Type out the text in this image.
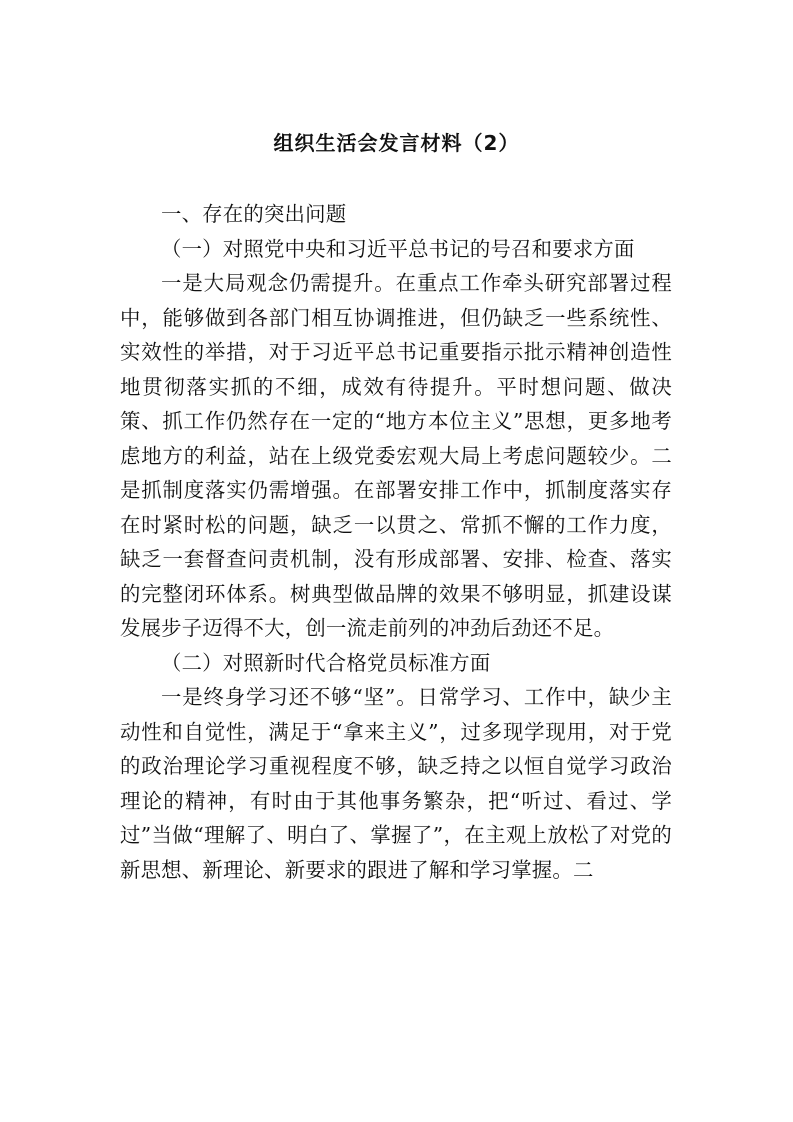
组织生活会发言材料（2）

一、存在的突出问题

（一）对照党中央和习近平总书记的号召和要求方面

一是大局观念仍需提升。在重点工作牵头研究部署过程中，能够做到各部门相互协调推进，但仍缺乏一些系统性、实效性的举措，对于习近平总书记重要指示批示精神创造性地贯彻落实抓的不细，成效有待提升。平时想问题、做决策、抓工作仍然存在一定的“地方本位主义”思想，更多地考虑地方的利益，站在上级党委宏观大局上考虑问题较少。二是抓制度落实仍需增强。在部署安排工作中，抓制度落实存在时紧时松的问题，缺乏一以贯之、常抓不懈的工作力度，缺乏一套督查问责机制，没有形成部署、安排、检查、落实的完整闭环体系。树典型做品牌的效果不够明显，抓建设谋发展步子迈得不大，创一流走前列的冲劲后劲还不足。

（二）对照新时代合格党员标准方面

一是终身学习还不够“坚”。日常学习、工作中，缺少主动性和自觉性，满足于“拿来主义”，过多现学现用，对于党的政治理论学习重视程度不够，缺乏持之以恒自觉学习政治理论的精神，有时由于其他事务繁杂，把“听过、看过、学过”当做“理解了、明白了、掌握了”，在主观上放松了对党的新思想、新理论、新要求的跟进了解和学习掌握。二
